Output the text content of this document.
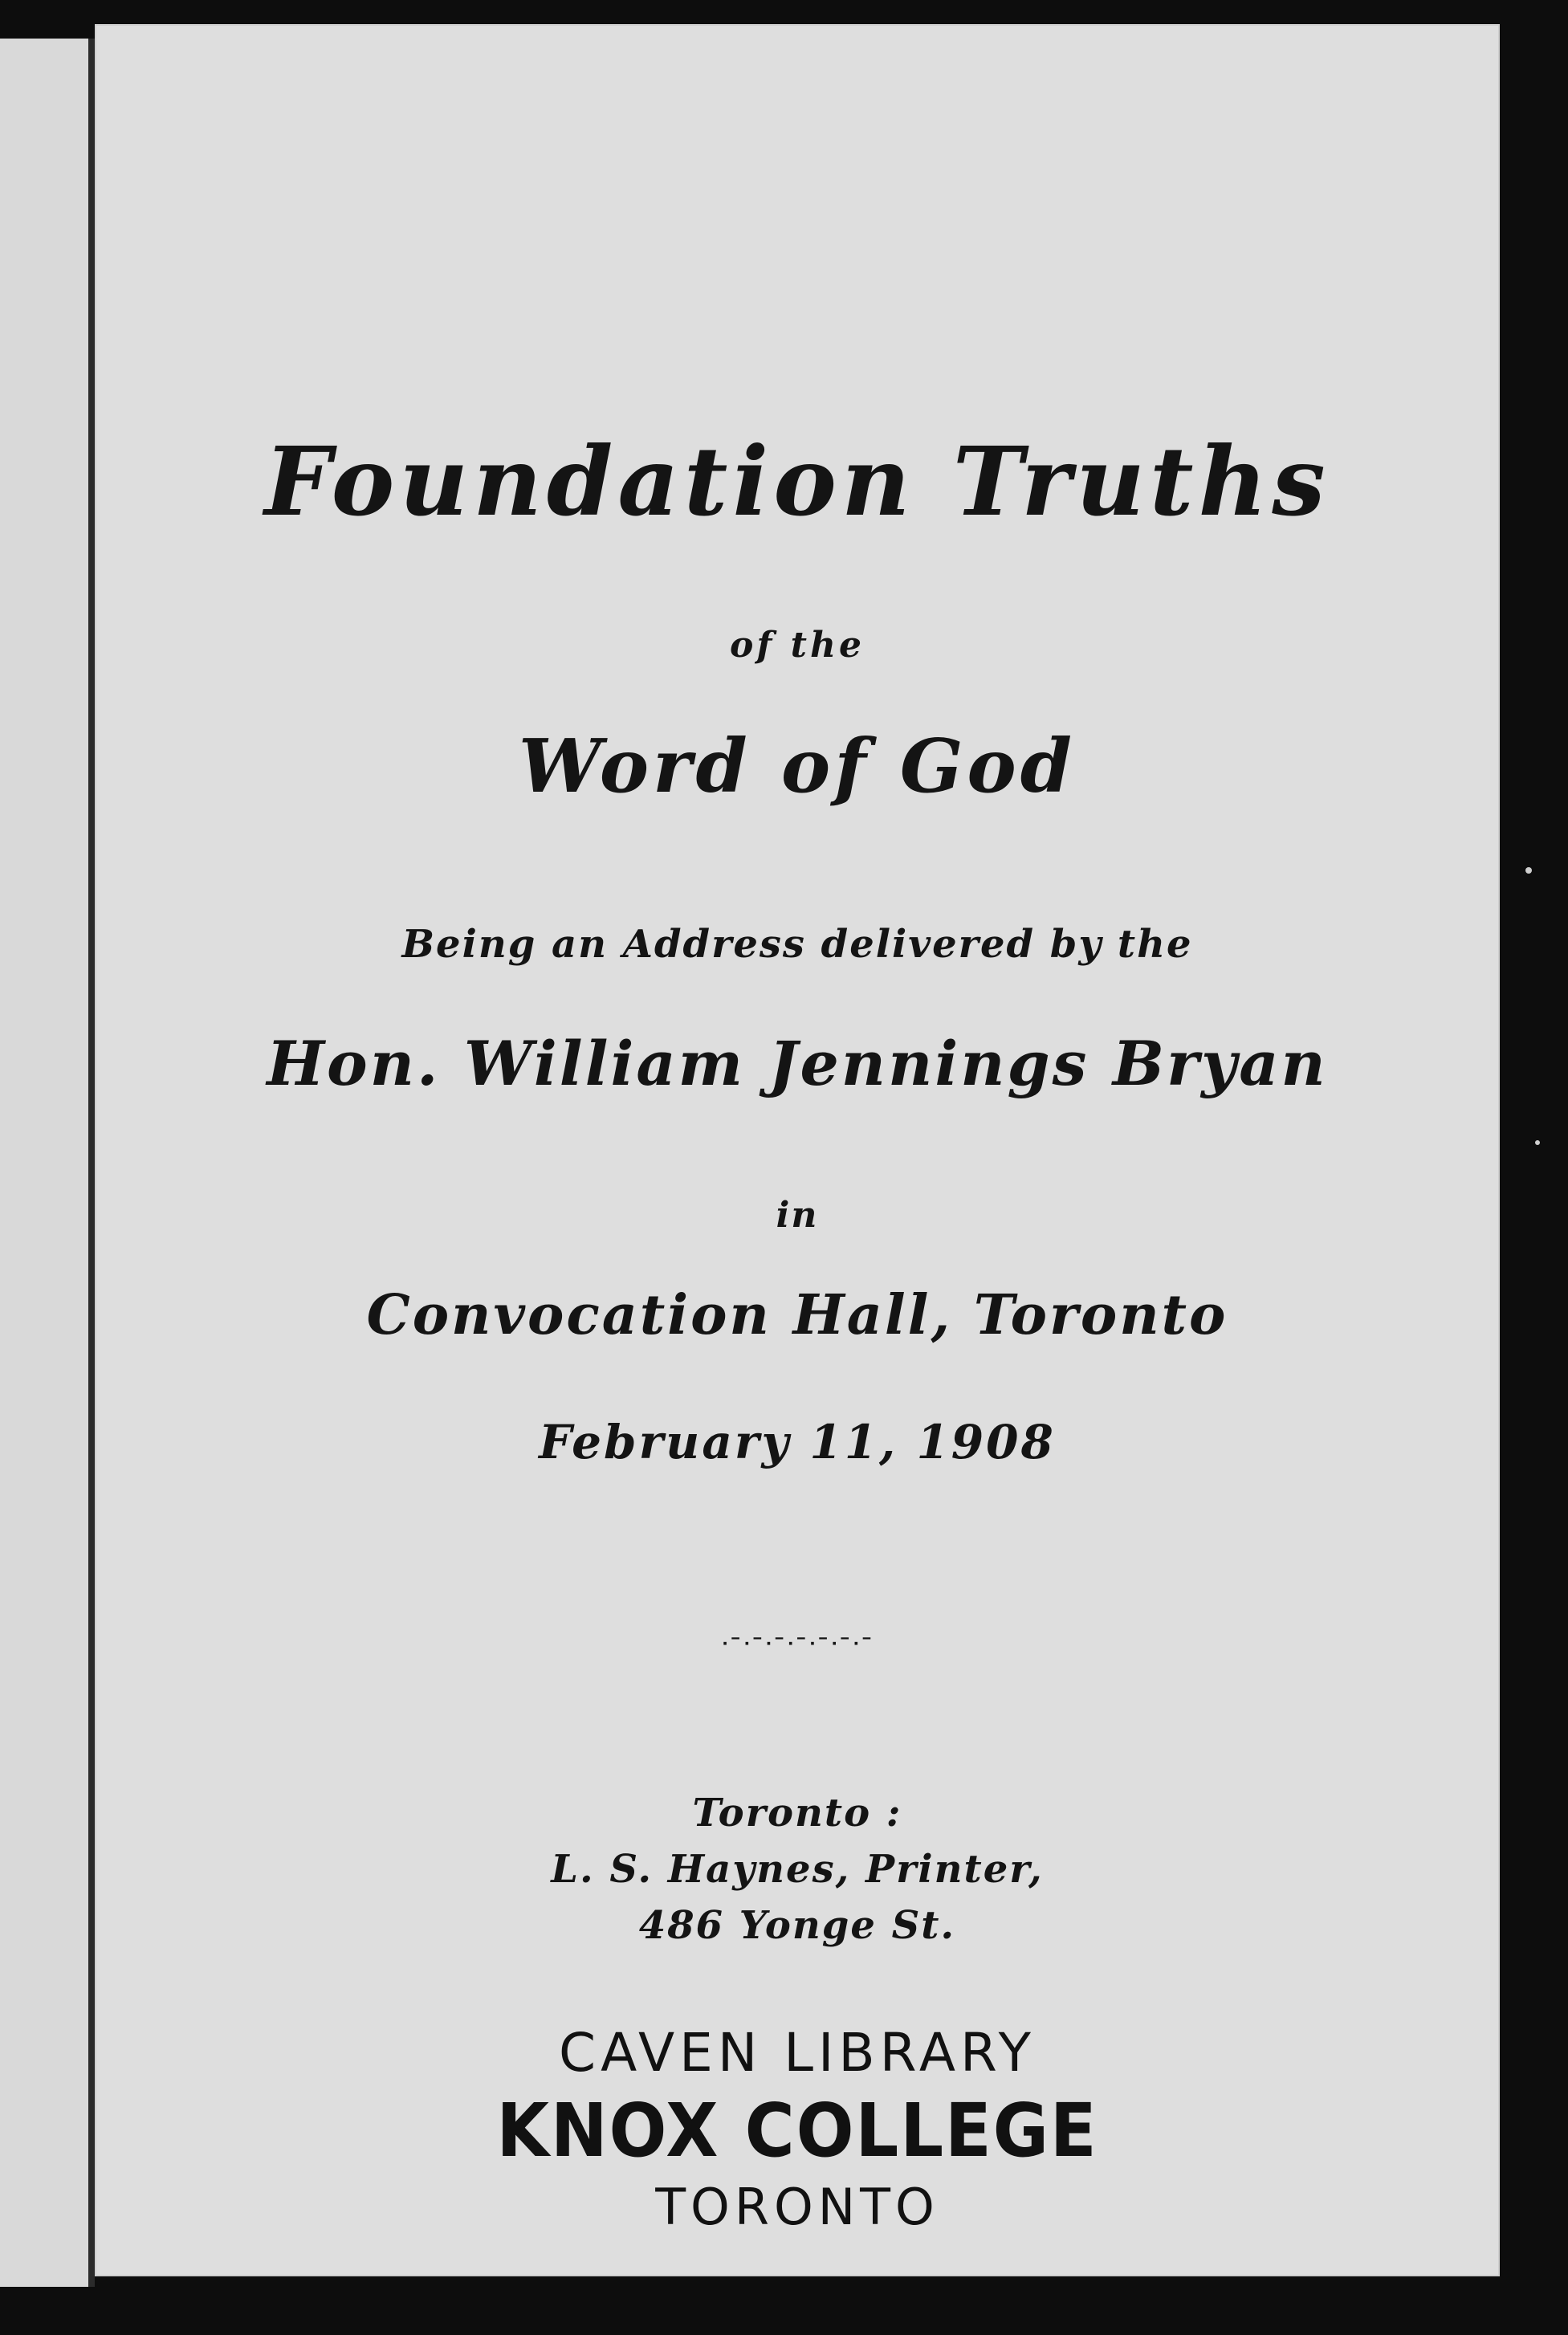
Foundation Truths
of the
Word of God
Being an Address delivered by the
Hon. William Jennings Bryan
in
Convocation Hall, Toronto
February 11, 1908
ᐧᐨᐧᐨᐧᐨᐧᐨᐧᐨᐧᐨᐧᐨ
Toronto :
L. S. Haynes, Printer,
486 Yonge St.
CAVEN LIBRARY
KNOX COLLEGE
TORONTO
